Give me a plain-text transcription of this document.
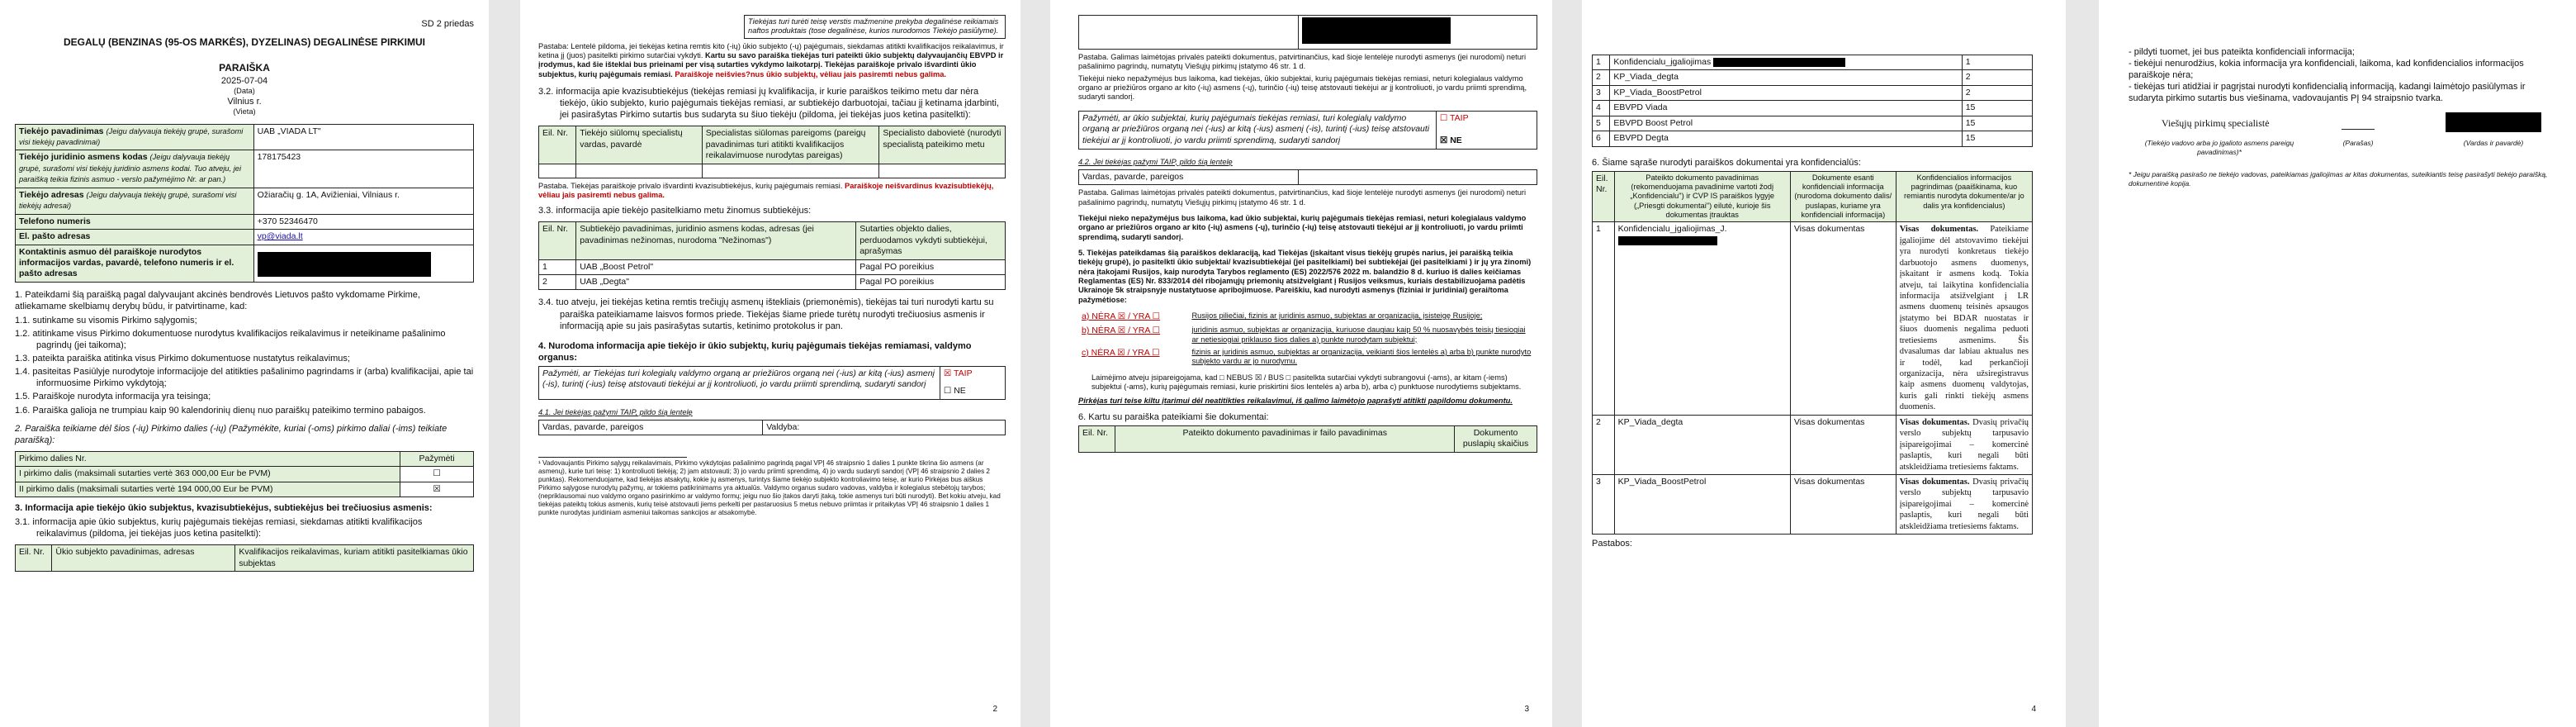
SD 2 priedas
DEGALŲ (BENZINAS (95-OS MARKĖS), DYZELINAS) DEGALINĖSE PIRKIMUI
PARAIŠKA
2025-07-04
(Data)
Vilnius r.
(Vieta)
Tiekėjo pavadinimas (Jeigu dalyvauja tiekėjų grupė, surašomi visi tiekėjų pavadinimai)	UAB „VIADA LT"
Tiekėjo juridinio asmens kodas (Jeigu dalyvauja tiekėjų grupė, surašomi visi tiekėjų juridinio asmens kodai. Tuo atveju, jei paraišką teikia fizinis asmuo - verslo pažymėjimo Nr. ar pan.)	178175423
Tiekėjo adresas (Jeigu dalyvauja tiekėjų grupė, surašomi visi tiekėjų adresai)	Ožiaračių g. 1A, Avižieniai, Vilniaus r.
Telefono numeris	+370 52346470
El. pašto adresas	vp@viada.lt
Kontaktinis asmuo dėl paraiškoje nurodytos informacijos vardas, pavardė, telefono numeris ir el. pašto adresas	

1. Pateikdami šią paraišką pagal dalyvaujant akcinės bendrovės Lietuvos pašto vykdomame Pirkime, atliekamame skelbiamų derybų būdu, ir patvirtiname, kad:

1.1. sutinkame su visomis Pirkimo sąlygomis;
1.2. atitinkame visus Pirkimo dokumentuose nurodytus kvalifikacijos reikalavimus ir neteikiname pašalinimo pagrindų (jei taikoma);
1.3. pateikta paraiška atitinka visus Pirkimo dokumentuose nustatytus reikalavimus;
1.4. pasiteitas Pasiūlyje nurodytoje informacijoje del atitikties pašalinimo pagrindams ir (arba) kvalifikacijai, apie tai informuosime Pirkimo vykdytoją;
1.5. Paraiškoje nurodyta informacija yra teisinga;
1.6. Paraiška galioja ne trumpiau kaip 90 kalendorinių dienų nuo paraiškų pateikimo termino pabaigos.

2. Paraiška teikiame dėl šios (-ių) Pirkimo dalies (-ių) (Pažymėkite, kuriai (-oms) pirkimo daliai (-ims) teikiate paraišką):

Pirkimo dalies Nr.	Pažymėti
I pirkimo dalis (maksimali sutarties vertė 363 000,00 Eur be PVM)	☐
II pirkimo dalis (maksimali sutarties vertė 194 000,00 Eur be PVM)	☒

3. Informacija apie tiekėjo ūkio subjektus, kvazisubtiekėjus, subtiekėjus bei trečiuosius asmenis:

3.1. informacija apie ūkio subjektus, kurių pajėgumais tiekėjas remiasi, siekdamas atitikti kvalifikacijos reikalavimus (pildoma, jei tiekėjas juos ketina pasitelkti):
Eil. Nr.	Ūkio subjekto pavadinimas, adresas	Kvalifikacijos reikalavimas, kuriam atitikti pasitelkiamas ūkio subjektas
Tiekėjas turi turėti teisę verstis mažmenine prekyba degalinėse reikiamais naftos produktais (tose degalinėse, kurios nurodomos Tiekėjo pasiūlyme).

Pastaba: Lentelė pildoma, jei tiekėjas ketina remtis kito (-ių) ūkio subjekto (-ų) pajėgumais, siekdamas atitikti kvalifikacijos reikalavimus, ir ketina jį (juos) pasitelkti pirkimo sutarčiai vykdyti. Kartu su savo paraiška tiekėjas turi pateikti ūkio subjektų dalyvaujančių EBVPD ir įrodymus, kad šie išteklai bus prieinami per visą sutarties vykdymo laikotarpį. Tiekėjas paraiškoje privalo išvardinti ūkio subjektus, kurių pajėgumais remiasi. Paraiškoje neišvies?nus ūkio subjektų, vėliau jais pasiremti nebus galima.

3.2. informacija apie kvazisubtiekėjus (tiekėjas remiasi jų kvalifikacija, ir kurie paraiškos teikimo metu dar nėra tiekėjo, ūkio subjekto, kurio pajėgumais tiekėjas remiasi, ar subtiekėjo darbuotojai, tačiau jį ketinama įdarbinti, jei pasirašytas Pirkimo sutartis bus sudaryta su šiuo tiekėju (pildoma, jei tiekėjas juos ketina pasitelkti):
Eil. Nr.	Tiekėjo siūlomų specialistų vardas, pavardė	Specialistas siūlomas pareigoms (pareigų pavadinimas turi atitikti kvalifikacijos reikalavimuose nurodytas pareigas)	Specialisto dabovietė (nurodyti specialistą pateikimo metu

Pastaba. Tiekėjas paraiškoje privalo išvardinti kvazisubtiekėjus, kurių pajėgumais remiasi. Paraiškoje neišvardinus kvazisubtiekėjų, vėliau jais pasiremti nebus galima.

3.3. informacija apie tiekėjo pasitelkiamo metu žinomus subtiekėjus:
Eil. Nr.	Subtiekėjo pavadinimas, juridinio asmens kodas, adresas (jei pavadinimas nežinomas, nurodoma "Nežinomas")	Sutarties objekto dalies, perduodamos vykdyti subtiekėjui, aprašymas
1	UAB „Boost Petrol"	Pagal PO poreikius
2	UAB „Degta"	Pagal PO poreikius
3.4. tuo atveju, jei tiekėjas ketina remtis trečiųjų asmenų ištekliais (priemonėmis), tiekėjas tai turi nurodyti kartu su paraiška pateikiamame laisvos formos priede. Tiekėjas šiame priede turėtų nurodyti trečiuosius asmenis ir informaciją apie su jais pasirašytas sutartis, ketinimo protokolus ir pan.

4. Nurodoma informacija apie tiekėjo ir ūkio subjektų, kurių pajėgumais tiekėjas remiamasi, valdymo organus:

Pažymėti, ar Tiekėjas turi kolegialų valdymo organą ar priežiūros organą nei (-ius) ar kitą (-ius) asmenį (-is), turintį (-ius) teisę atstovauti tiekėjui ar jį kontroliuoti, jo vardu priimti sprendimą, sudaryti sandorį	
☒ TAIP
☐ NE

4.1. Jei tiekėjas pažymi TAIP, pildo šią lentelę

Vardas, pavarde, pareigos	Valdyba:

¹ Vadovaujantis Pirkimo sąlygų reikalavimais, Pirkimo vykdytojas pašalinimo pagrindą pagal VPĮ 46 straipsnio 1 dalies 1 punkte tikrina šio asmens (ar asmenų), kurie turi teisę: 1) kontroliuoti tiekėją; 2) jam atstovauti; 3) jo vardu priimti sprendimą, 4) jo vardu sudaryti sandorį (VPĮ 46 straipsnio 2 dalies 2 punktas). Rekomenduojame, kad tiekėjas atsakytų, kokie jų asmenys, turintys šiame tiekėjo subjekto kontroliavimo teisę, ar kurio Pirkėjas bus aiškus Pirkimo sąlygose nurodytų pažymų, ar tokiems patikrinimams yra aktualūs. Valdymo organus sudaro vadovas, valdyba ir kolegialus stebėtojų tarybos; (nepriklausomai nuo valdymo organo pasirinkimo ar valdymo formų; jeigu nuo šio įtakos daryti įtaką, tokie asmenys turi būti nurodyti). Bet kokiu atveju, kad tiekėjas pateiktų tokius asmenis, kurių teisė atstovauti jiems perkelti per pastaruosius 5 metus nebuvo priimtas ir pritaikytas VPĮ 46 straipsnio 1 dalies 1 punkte nurodytas juridiniam asmeniui taikomas sankcijos ar atsakomybė.

2

Pastaba. Galimas laimėtojas privalės pateikti dokumentus, patvirtinančius, kad šioje lentelėje nurodyti asmenys (jei nurodomi) neturi pašalinimo pagrindų, numatytų Viešųjų pirkimų įstatymo 46 str. 1 d.

Tiekėjui nieko nepažymėjus bus laikoma, kad tiekėjas, ūkio subjektai, kurių pajėgumais tiekėjas remiasi, neturi kolegialaus valdymo organo ar priežiūros organo ar kito (-ių) asmens (-ų), turinčio (-ių) teisę atstovauti tiekėjui ar jį kontroliuoti, jo vardu priimti sprendimą, sudaryti sandorį.

Pažymėti, ar ūkio subjektai, kurių pajėgumais tiekėjas remiasi, turi kolegialų valdymo organą ar priežiūros organą nei (-ius) ar kitą (-ius) asmenį (-is), turintį (-ius) teisę atstovauti tiekėjui ar jį kontroliuoti, jo vardu priimti sprendimą, sudaryti sandorį	
☐ TAIP
☒ NE

4.2. Jei tiekėjas pažymi TAIP, pildo šią lentelę

Vardas, pavarde, pareigos	

Pastaba. Galimas laimėtojas privalės pateikti dokumentus, patvirtinančius, kad šioje lentelėje nurodyti asmenys (jei nurodomi) neturi pašalinimo pagrindų, numatytų Viešųjų pirkimų įstatymo 46 str. 1 d.

Tiekėjui nieko nepažymėjus bus laikoma, kad ūkio subjektai, kurių pajėgumais tiekėjas remiasi, neturi kolegialaus valdymo organo ar priežiūros organo ar kito (-ių) asmens (-ų), turinčio (-ių) teisę atstovauti tiekėjui ar jį kontroliuoti, jo vardu priimti sprendimą, sudaryti sandorį.

5. Tiekėjas pateikdamas šią paraiškos deklaraciją, kad Tiekėjas (įskaitant visus tiekėjų grupės narius, jei paraišką teikia tiekėjų grupė), jo pasitelkti ūkio subjektai/ kvazisubtiekėjai (jei pasitelkiami) bei subtiekėjai (jei pasitelkiami ) ir jų yra žinomi) nėra įtakojami Rusijos, kaip nurodyta Tarybos reglamento (ES) 2022/576 2022 m. balandžio 8 d. kuriuo iš dalies keičiamas Reglamentas (ES) Nr. 833/2014 dėl ribojamųjų priemonių atsižvelgiant į Rusijos veiksmus, kuriais destabilizuojama padėtis Ukrainoje 5k straipsnyje nustatytuose apribojimuose. Pareiškiu, kad nurodyti asmenys (fiziniai ir juridiniai) gerai/toma pažymėtiose:

a) NĖRA ☒ / YRA ☐	Rusijos piliečiai, fizinis ar juridinis asmuo, subjektas ar organizacija, įsisteigę Rusijoje;
b) NĖRA ☒ / YRA ☐	juridinis asmuo, subjektas ar organizacija, kuriuose daugiau kaip 50 % nuosavybės teisių tiesiogiai ar netiesiogiai priklauso šios dalies a) punkte nurodytam subjektui;
c) NĖRA ☒ / YRA ☐	fizinis ar juridinis asmuo, subjektas ar organizacija, veikianti šios lentelės a) arba b) punkte nurodyto subjekto vardu ar jo nurodymu.

Laimėjimo atveju įsipareigojama, kad □ NEBUS ☒ / BUS □ pasitelkta sutarčiai vykdyti subrangovui (-ams), ar kitam (-iems) subjektui (-ams), kurių pajėgumais remiasi, kurie priskirtini šios lentelės a) arba b), arba c) punktuose nurodytiems subjektams.

Pirkėjas turi teise kiltu įtarimui dėl neatitikties reikalavimui, iš galimo laimėtojo paprašyti atitikti papildomu dokumentu.

6. Kartu su paraiška pateikiami šie dokumentai:

Eil. Nr.	Pateikto dokumento pavadinimas ir failo pavadinimas	Dokumento puslapių skaičius
3
1	Konfidencialu_įgaliojimas	1
2	KP_Viada_degta	2
3	KP_Viada_BoostPetrol	2
4	EBVPD Viada	15
5	EBVPD Boost Petrol	15
6	EBVPD Degta	15

6. Šiame sąraše nurodyti paraiškos dokumentai yra konfidencialūs:

Eil. Nr.	Pateikto dokumento pavadinimas (rekomenduojama pavadinime vartoti žodį „Konfidencialu") ir CVP IS paraiškos lygyje („Priesgti dokumentai") eilutė, kurioje šis dokumentas įtrauktas	Dokumente esanti konfidenciali informacija (nurodoma dokumento dalis/ puslapas, kuriame yra konfidenciali informacija)	Konfidencialios informacijos pagrindimas (paaiškinama, kuo remiantis nurodyta dokumente/ar jo dalis yra konfidencialus)
1	Konfidencialu_įgaliojimas_J.	Visas dokumentas	Visas dokumentas. Pateikiame įgaliojime dėl atstovavimo tiekėjui yra nurodyti konkretaus tiekėjo darbuotojo asmens duomenys, įskaitant ir asmens kodą. Tokia atveju, tai laikytina konfidencialia informacija atsižvelgiant į LR asmens duomenų teisinės apsaugos įstatymo bei BDAR nuostatas ir šiuos duomenis negalima peduoti tretiesiems asmenims. Šis dvasalumas dar labiau aktualus nes ir todėl, kad perkančioji organizacija, nėra užsiregistravus kaip asmens duomenų valdytojas, kuris gali rinkti tiekėjų asmens duomenis.
2	KP_Viada_degta	Visas dokumentas	Visas dokumentas. Dvasių privačių verslo subjektų tarpusavio įsipareigojimai – komercinė paslaptis, kuri negali būti atskleidžiama tretiesiems faktams.
3	KP_Viada_BoostPetrol	Visas dokumentas	Visas dokumentas. Dvasių privačių verslo subjektų tarpusavio įsipareigojimai – komercinė paslaptis, kuri negali būti atskleidžiama tretiesiems faktams.

Pastabos:

4
- pildyti tuomet, jei bus pateikta konfidenciali informacija;
- tiekėjui nenurodžius, kokia informacija yra konfidenciali, laikoma, kad konfidencialios informacijos paraiškoje nėra;
- tiekėjas turi atidžiai ir pagrįstai nurodyti konfidencialią informaciją, kadangi laimėtojo pasiūlymas ir sudaryta pirkimo sutartis bus viešinama, vadovaujantis PĮ 94 straipsnio tvarka.
Viešųjų pirkimų specialistė
(Tiekėjo vadovo arba jo įgalioto asmens pareigų pavadinimas)*
(Parašas)	(Vardas ir pavardė)

* Jeigu paraišką pasirašo ne tiekėjo vadovas, pateikiamas įgaliojimas ar kitas dokumentas, suteikiantis teisę pasirašyti tiekėjo paraišką, dokumentinė kopija.
